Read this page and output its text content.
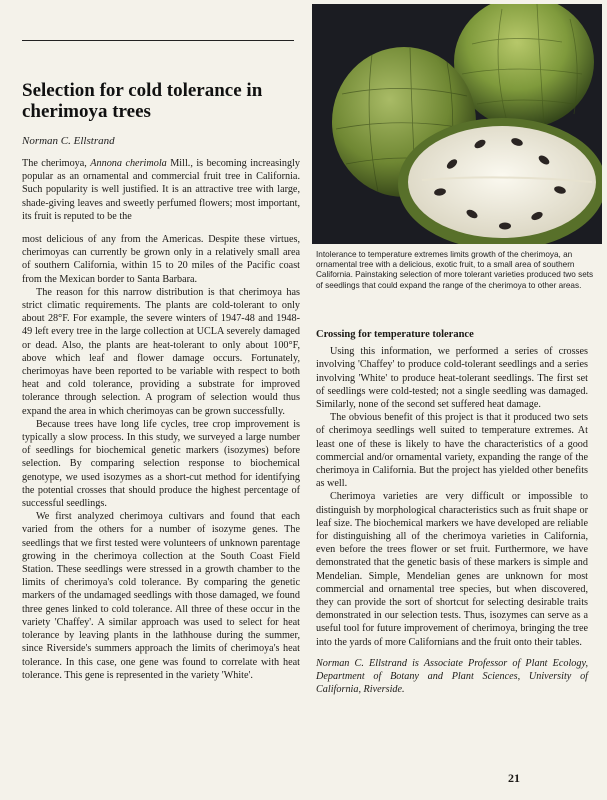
Selection for cold tolerance in cherimoya trees
Norman C. Ellstrand

The cherimoya, Annona cherimola Mill., is becoming increasingly popular as an ornamental and commercial fruit tree in California. Such popularity is well justified. It is an attractive tree with large, shade-giving leaves and sweetly perfumed flowers; most important, its fruit is reputed to be the

most delicious of any from the Americas. Despite these virtues, cherimoyas can currently be grown only in a relatively small area of southern California, within 15 to 20 miles of the Pacific coast from the Mexican border to Santa Barbara.

The reason for this narrow distribution is that cherimoya has strict climatic requirements. The plants are cold-tolerant to only about 28°F. For example, the severe winters of 1947-48 and 1948-49 left every tree in the large collection at UCLA severely damaged or dead. Also, the plants are heat-tolerant to only about 100°F, above which leaf and flower damage occurs. Fortunately, cherimoyas have been reported to be variable with respect to both heat and cold tolerance, providing a substrate for improved tolerance through selection. A program of selection would thus expand the area in which cherimoyas can be grown successfully.

Because trees have long life cycles, tree crop improvement is typically a slow process. In this study, we surveyed a large number of seedlings for biochemical genetic markers (isozymes) before selection. By comparing selection response to biochemical genotype, we used isozymes as a short-cut method for identifying the potential crosses that should produce the highest percentage of successful seedlings.

We first analyzed cherimoya cultivars and found that each varied from the others for a number of isozyme genes. The seedlings that we first tested were volunteers of unknown parentage growing in the cherimoya collection at the South Coast Field Station. These seedlings were stressed in a growth chamber to the limits of cherimoya's cold tolerance. By comparing the genetic markers of the undamaged seedlings with those damaged, we found three genes linked to cold tolerance. All three of these occur in the variety 'Chaffey'. A similar approach was used to select for heat tolerance by leaving plants in the lathhouse during the summer, since Riverside's summers approach the limits of cherimoya's heat tolerance. In this case, one gene was found to correlate with heat tolerance. This gene is represented in the variety 'White'.

Intolerance to temperature extremes limits growth of the cherimoya, an ornamental tree with a delicious, exotic fruit, to a small area of southern California. Painstaking selection of more tolerant varieties produced two sets of seedlings that could expand the range of the cherimoya to other areas.
Crossing for temperature tolerance

Using this information, we performed a series of crosses involving 'Chaffey' to produce cold-tolerant seedlings and a series involving 'White' to produce heat-tolerant seedlings. The first set of seedlings were cold-tested; not a single seedling was damaged. Similarly, none of the second set suffered heat damage.

The obvious benefit of this project is that it produced two sets of cherimoya seedlings well suited to temperature extremes. At least one of these is likely to have the characteristics of a good commercial and/or ornamental variety, expanding the range of the cherimoya in California. But the project has yielded other benefits as well.

Cherimoya varieties are very difficult or impossible to distinguish by morphological characteristics such as fruit shape or leaf size. The biochemical markers we have developed are reliable for distinguishing all of the cherimoya varieties in California, even before the trees flower or set fruit. Furthermore, we have demonstrated that the genetic basis of these markers is simple and Mendelian. Simple, Mendelian genes are unknown for most commercial and ornamental tree species, but when discovered, they can provide the sort of shortcut for selecting desirable traits demonstrated in our selection tests. Thus, isozymes can serve as a useful tool for future improvement of cherimoya, bringing the tree into the yards of more Californians and the fruit onto their tables.

Norman C. Ellstrand is Associate Professor of Plant Ecology, Department of Botany and Plant Sciences, University of California, Riverside.

21
